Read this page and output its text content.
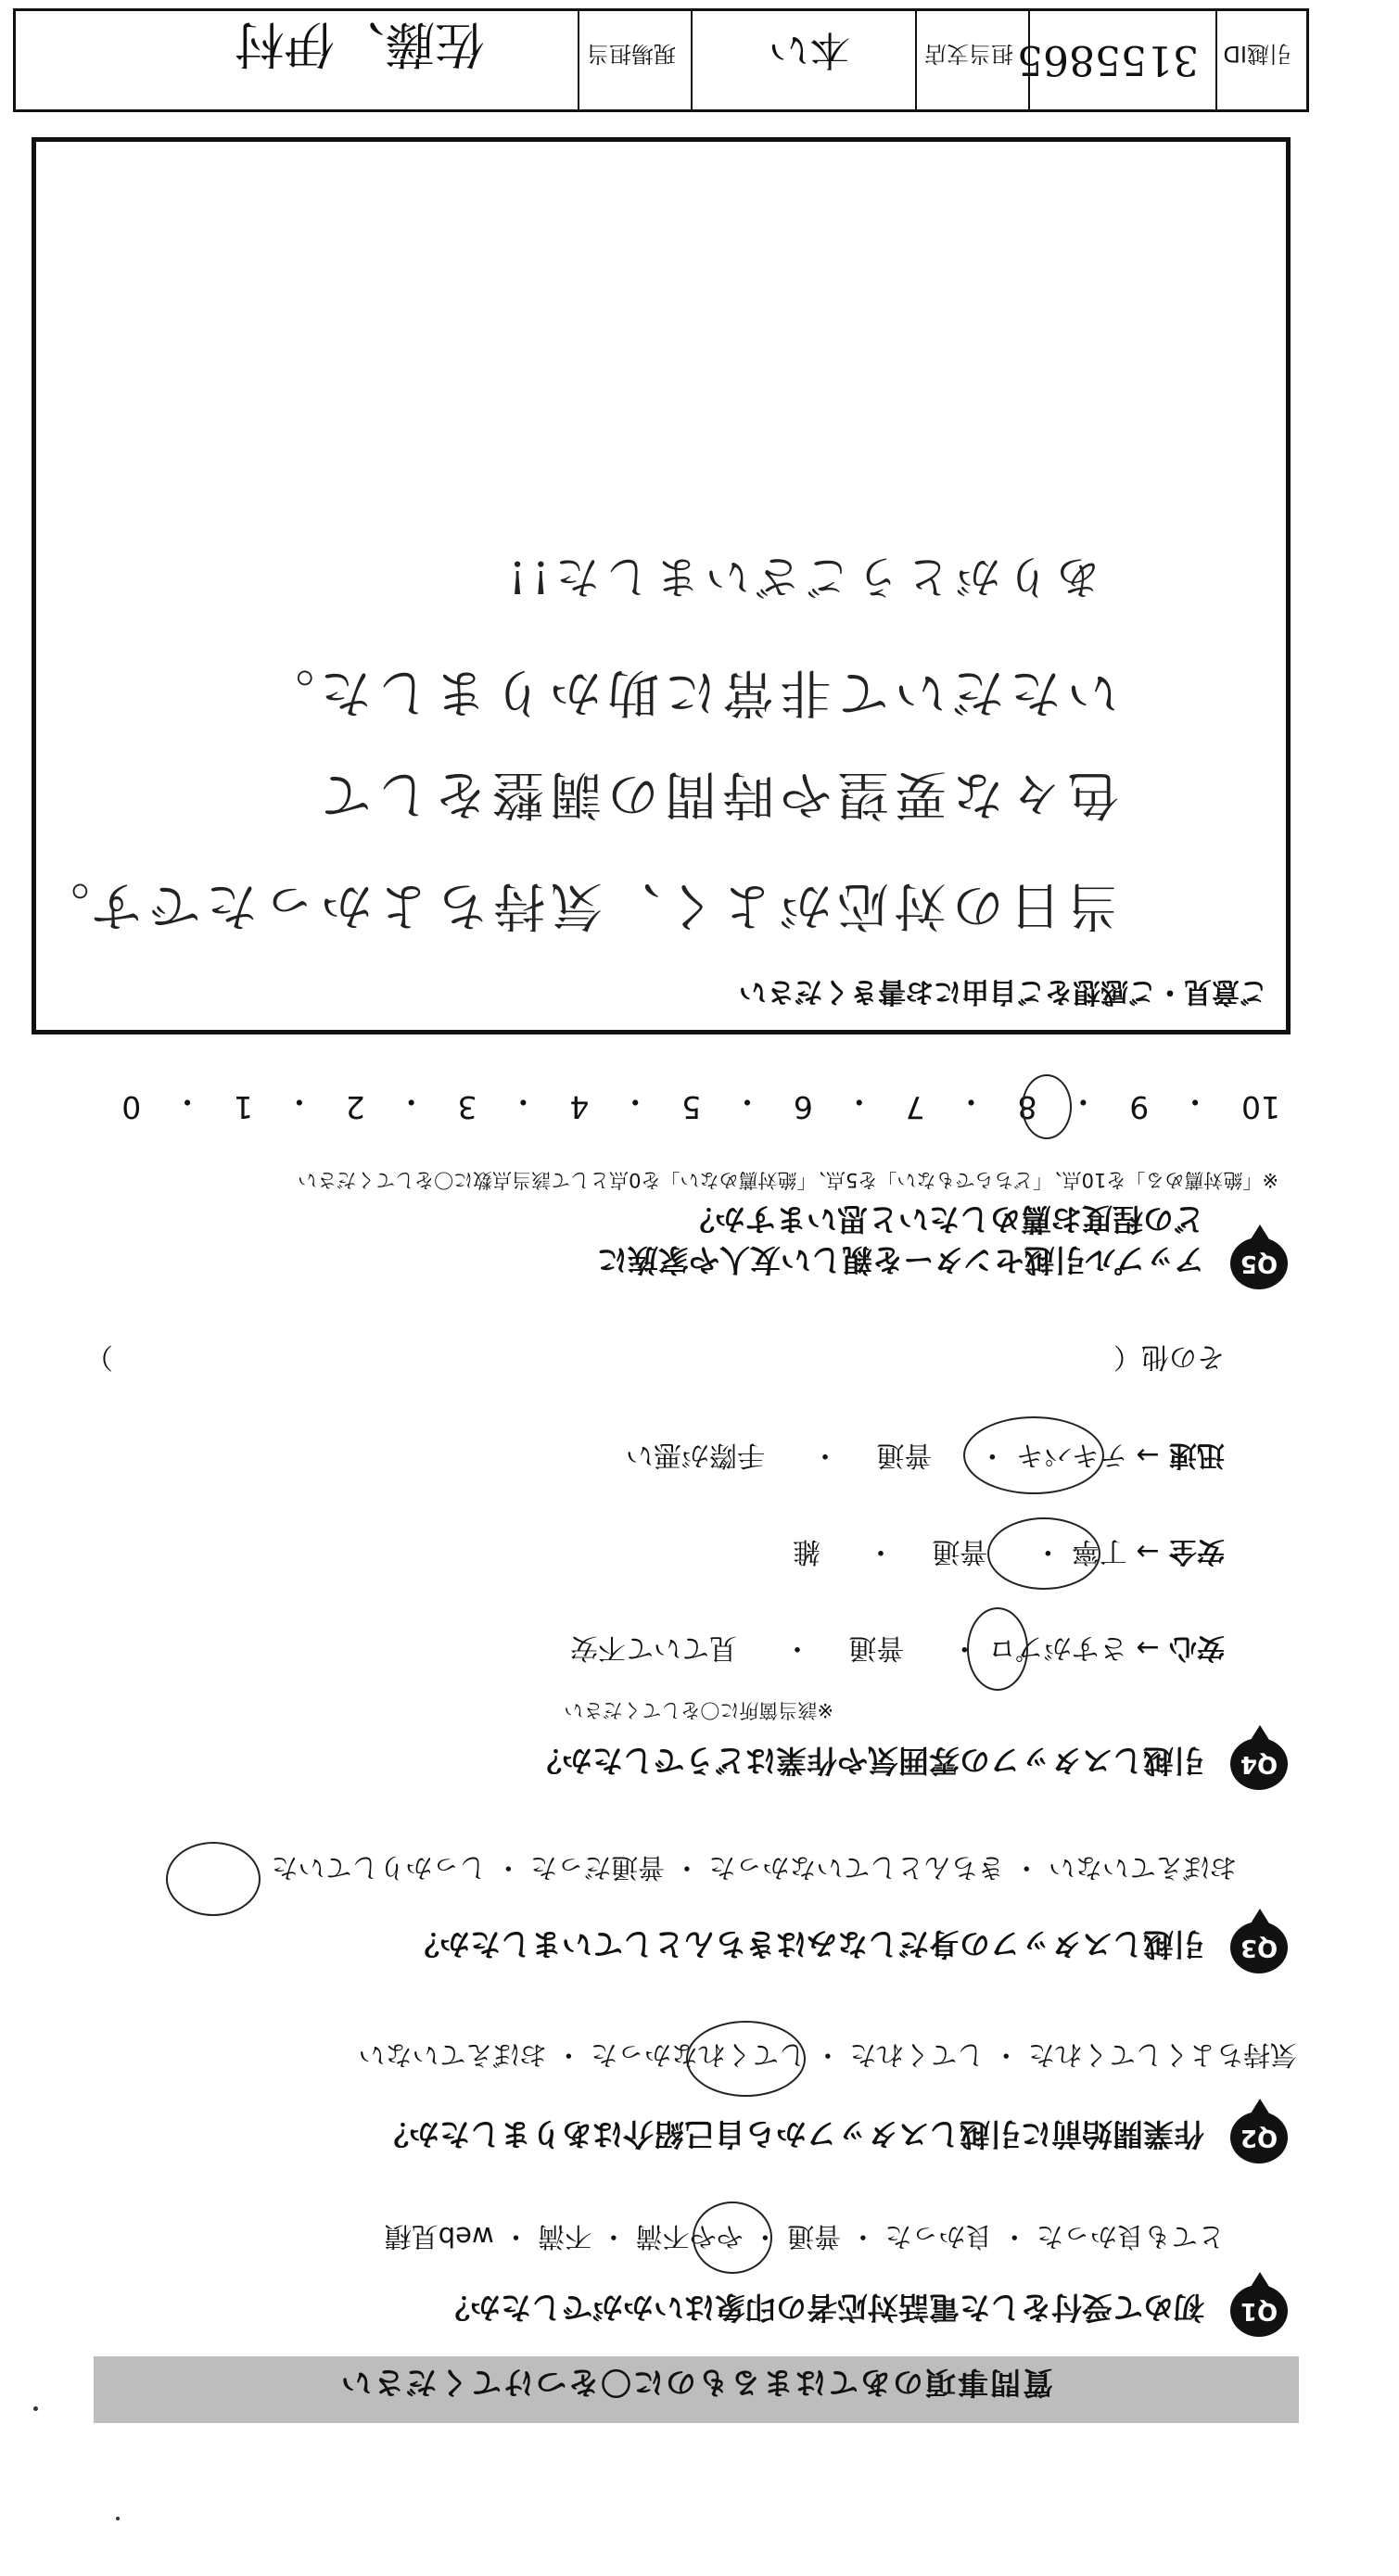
質問事項のあてはまるものに〇をつけてください
Q1
初めて受付をした電話対応者の印象はいかがでしたか？
とても良かった ・ 良かった ・ 普通 ・ やや不満 ・ 不満 ・ web見積
Q2
作業開始前に引越しスタッフから自己紹介はありましたか？
気持ちよくしてくれた ・ してくれた ・ してくれなかった ・ おぼえていない
Q3
引越しスタッフの身だしなみはきちんとしていましたか？
おぼえていない ・ きちんとしていなかった ・ 普通だった ・ しっかりしていた
Q4
引越しスタッフの雰囲気や作業はどうでしたか？
※該当箇所に〇をしてください
安心 → さすがプロ ・ 　 普通 　・ 　 見ていて不安
安全 → 丁寧 ・ 　 普通 　・ 　 雑
迅速 → テキパキ ・ 　 普通 　・ 　 手際が悪い
その他（  ）
Q5
アップル引越センターを親しい友人や家族に
どの程度お薦めしたいと思いますか？
※「絶対薦める」を10点、「どちらでもない」を5点、「絶対薦めない」を0点として該当点数に〇をしてください
10
・
9
・
8
・
7
・
6
・
5
・
4
・
3
・
2
・
1
・
0
ご意見・ご感想をご自由にお書きください
当日の対応がよく、気持ちよかったです。
色々な要望や時間の調整をして
いただいて非常に助かりました。
ありがとうございました!!
引越ID
3155865
担当支店
本い
現場担当
佐藤、伊村
